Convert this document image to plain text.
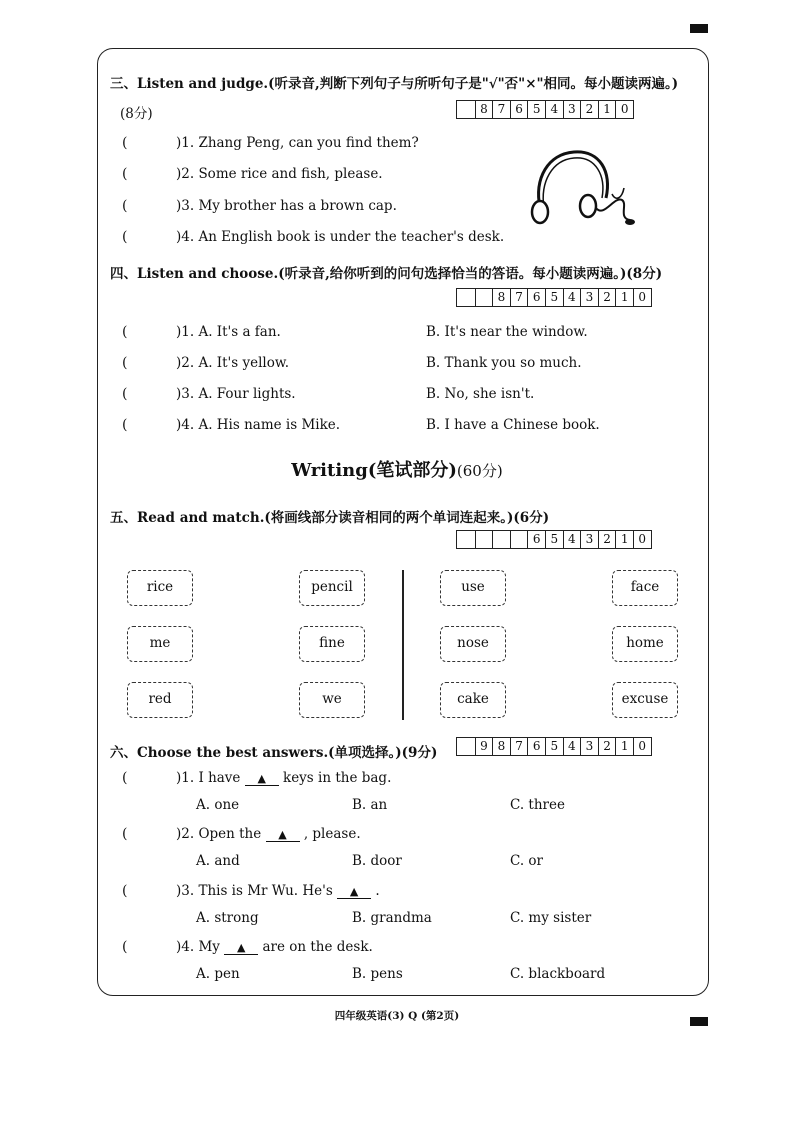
三、Listen and judge.(听录音,判断下列句子与所听句子是"√"否"×"相同。每小题读两遍。)
(8分)	8 7 6 5 4 3 2 1 0
(	)1. Zhang Peng, can you find them?
(	)2. Some rice and fish, please.
(	)3. My brother has a brown cap.
(	)4. An English book is under the teacher's desk.
四、Listen and choose.(听录音,给你听到的问句选择恰当的答语。每小题读两遍。)(8分)
8 7 6 5 4 3 2 1 0
(	)1. A. It's a fan.	B. It's near the window.
(	)2. A. It's yellow.	B. Thank you so much.
(	)3. A. Four lights.	B. No, she isn't.
(	)4. A. His name is Mike.	B. I have a Chinese book.
Writing(笔试部分)(60分)
五、Read and match.(将画线部分读音相同的两个单词连起来。)(6分)
6 5 4 3 2 1 0
rice
me
red
pencil
fine
we
use
nose
cake
face
home
excuse
六、Choose the best answers.(单项选择。)(9分)	9 8 7 6 5 4 3 2 1 0
(	)1. I have ▲ keys in the bag.
A. one	B. an	C. three
(	)2. Open the ▲ , please.
A. and	B. door	C. or
(	)3. This is Mr Wu. He's ▲ .
A. strong	B. grandma	C. my sister
(	)4. My ▲ are on the desk.
A. pen	B. pens	C. blackboard
四年级英语(3) Q (第2页)
